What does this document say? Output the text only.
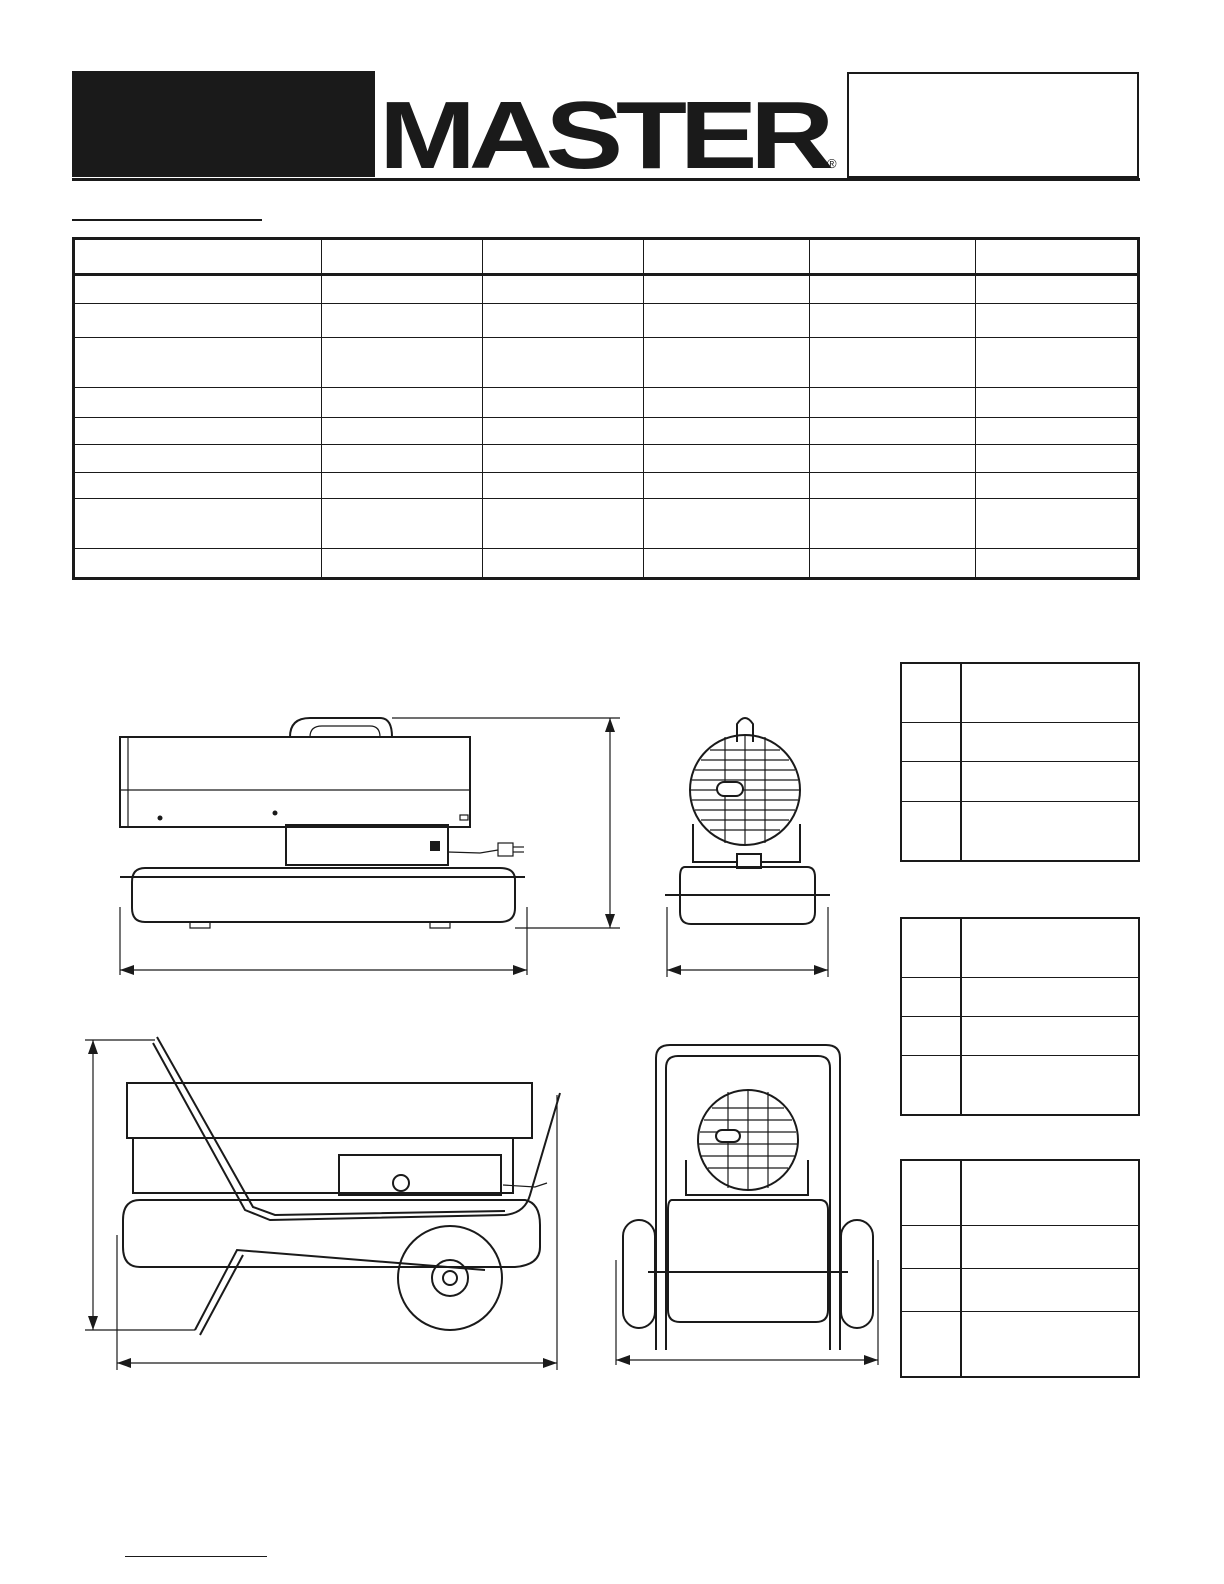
MASTER
®
